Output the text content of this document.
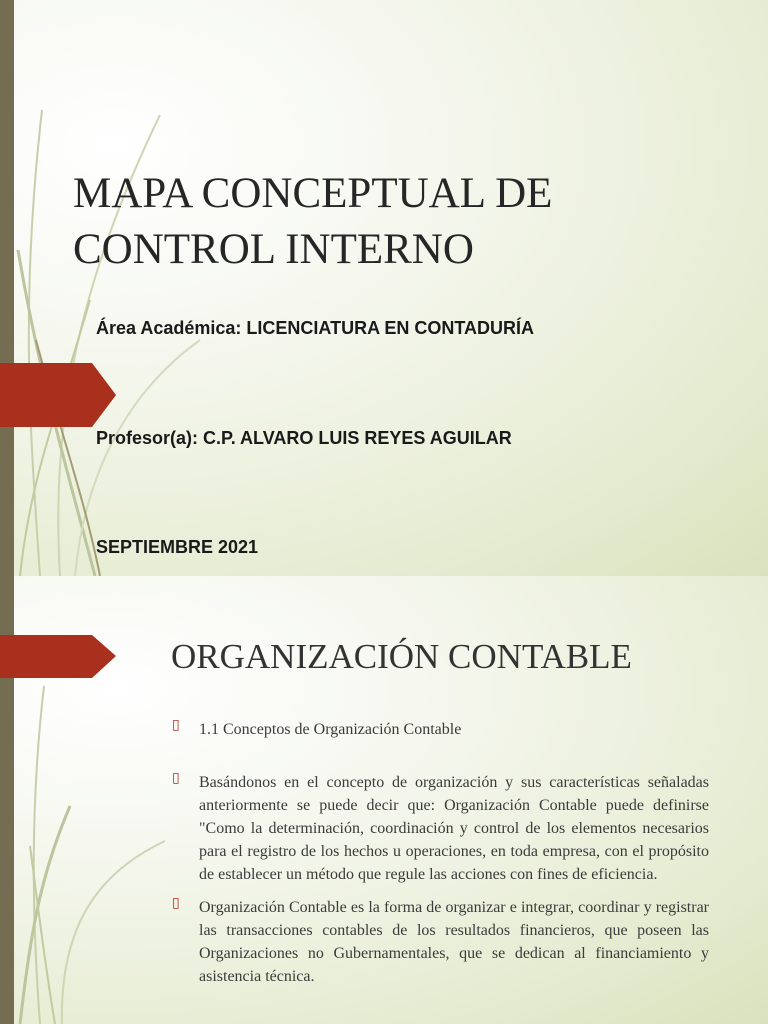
MAPA CONCEPTUAL DE
CONTROL INTERNO

Área Académica: LICENCIATURA EN CONTADURÍA

Profesor(a): C.P. ALVARO LUIS REYES AGUILAR

SEPTIEMBRE 2021

ORGANIZACIÓN CONTABLE
▯ 1.1 Conceptos de Organización Contable
▯ Basándonos en el concepto de organización y sus características señaladas anteriormente se puede decir que: Organización Contable puede definirse "Como la determinación, coordinación y control de los elementos necesarios para el registro de los hechos u operaciones, en toda empresa, con el propósito de establecer un método que regule las acciones con fines de eficiencia.
▯ Organización Contable es la forma de organizar e integrar, coordinar y registrar las transacciones contables de los resultados financieros, que poseen las Organizaciones no Gubernamentales, que se dedican al financiamiento y asistencia técnica.
